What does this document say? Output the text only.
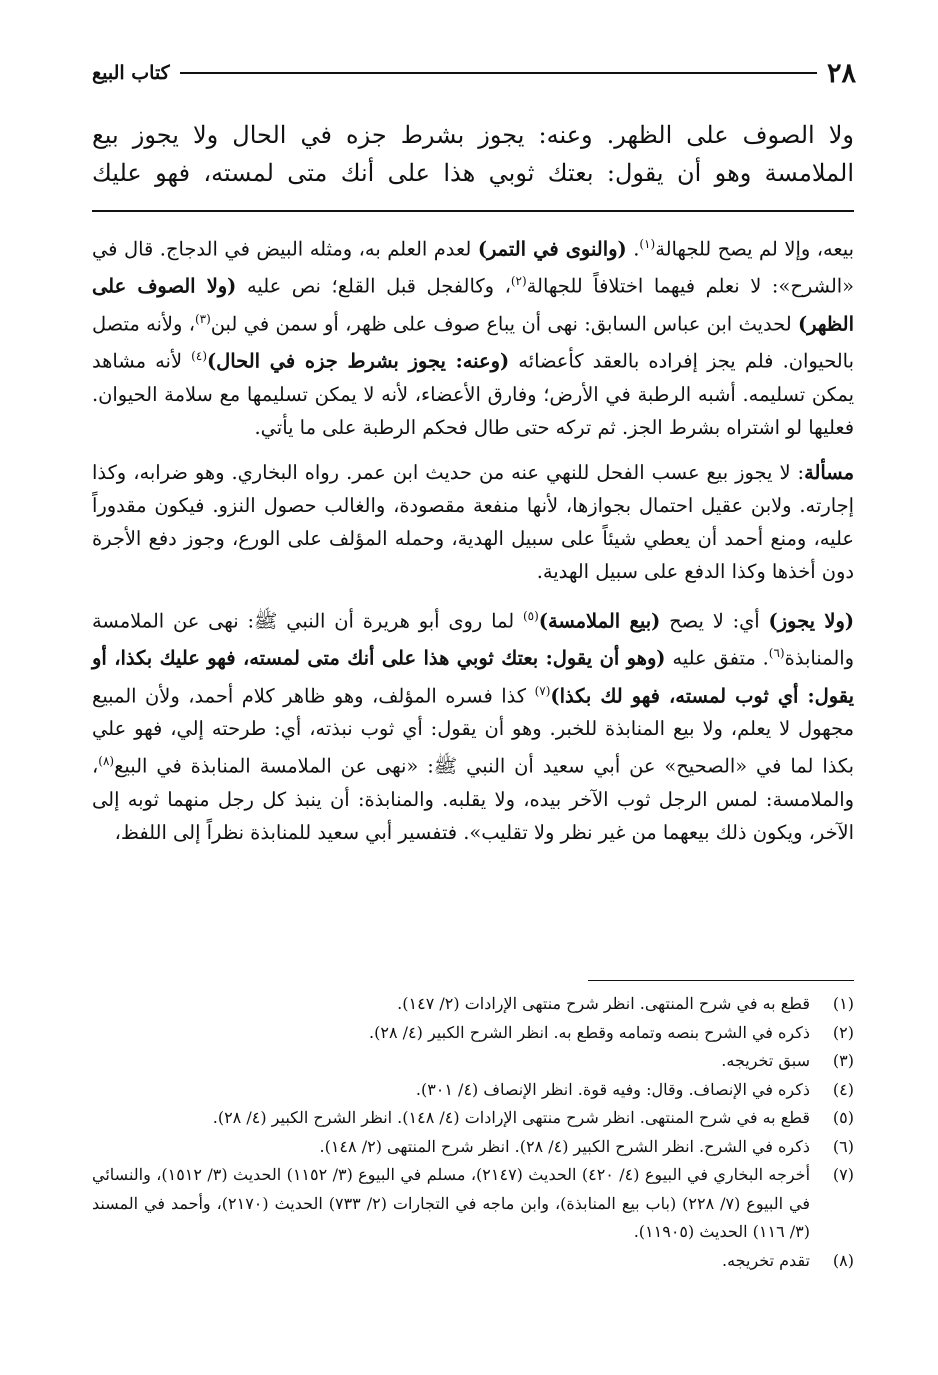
٢٨
كتاب البيع

ولا الصوف على الظهر. وعنه: يجوز بشرط جزه في الحال ولا يجوز بيع

الملامسة وهو أن يقول: بعتك ثوبي هذا على أنك متى لمسته، فهو عليك

بيعه، وإلا لم يصح للجهالة$^{(١)}$. (والنوى في التمر) لعدم العلم به، ومثله البيض في الدجاج. قال في «الشرح»: لا نعلم فيهما اختلافاً للجهالة$^{(٢)}$، وكالفجل قبل القلع؛ نص عليه (ولا الصوف على الظهر) لحديث ابن عباس السابق: نهى أن يباع صوف على ظهر، أو سمن في لبن$^{(٣)}$، ولأنه متصل بالحيوان. فلم يجز إفراده بالعقد كأعضائه (وعنه: يجوز بشرط جزه في الحال)$^{(٤)}$ لأنه مشاهد يمكن تسليمه. أشبه الرطبة في الأرض؛ وفارق الأعضاء، لأنه لا يمكن تسليمها مع سلامة الحيوان. فعليها لو اشتراه بشرط الجز. ثم تركه حتى طال فحكم الرطبة على ما يأتي.

مسألة: لا يجوز بيع عسب الفحل للنهي عنه من حديث ابن عمر. رواه البخاري. وهو ضرابه، وكذا إجارته. ولابن عقيل احتمال بجوازها، لأنها منفعة مقصودة، والغالب حصول النزو. فيكون مقدوراً عليه، ومنع أحمد أن يعطي شيئاً على سبيل الهدية، وحمله المؤلف على الورع، وجوز دفع الأجرة دون أخذها وكذا الدفع على سبيل الهدية.

(ولا يجوز) أي: لا يصح (بيع الملامسة)$^{(٥)}$ لما روى أبو هريرة أن النبي ﷺ: نهى عن الملامسة والمنابذة$^{(٦)}$. متفق عليه (وهو أن يقول: بعتك ثوبي هذا على أنك متى لمسته، فهو عليك بكذا، أو يقول: أي ثوب لمسته، فهو لك بكذا)$^{(٧)}$ كذا فسره المؤلف، وهو ظاهر كلام أحمد، ولأن المبيع مجهول لا يعلم، ولا بيع المنابذة للخبر. وهو أن يقول: أي ثوب نبذته، أي: طرحته إلي، فهو علي بكذا لما في «الصحيح» عن أبي سعيد أن النبي ﷺ: «نهى عن الملامسة المنابذة في البيع$^{(٨)}$، والملامسة: لمس الرجل ثوب الآخر بيده، ولا يقلبه. والمنابذة: أن ينبذ كل رجل منهما ثوبه إلى الآخر، ويكون ذلك بيعهما من غير نظر ولا تقليب». فتفسير أبي سعيد للمنابذة نظراً إلى اللفظ،

(١)
قطع به في شرح المنتهى. انظر شرح منتهى الإرادات (٢/ ١٤٧).
(٢)
ذكره في الشرح بنصه وتمامه وقطع به. انظر الشرح الكبير (٤/ ٢٨).
(٣)
سبق تخريجه.
(٤)
ذكره في الإنصاف. وقال: وفيه قوة. انظر الإنصاف (٤/ ٣٠١).
(٥)
قطع به في شرح المنتهى. انظر شرح منتهى الإرادات (٤/ ١٤٨). انظر الشرح الكبير (٤/ ٢٨).
(٦)
ذكره في الشرح. انظر الشرح الكبير (٤/ ٢٨). انظر شرح المنتهى (٢/ ١٤٨).
(٧)
أخرجه البخاري في البيوع (٤/ ٤٢٠) الحديث (٢١٤٧)، مسلم في البيوع (٣/ ١١٥٢) الحديث (٣/ ١٥١٢)، والنسائي في البيوع (٧/ ٢٢٨) (باب بيع المنابذة)، وابن ماجه في التجارات (٢/ ٧٣٣) الحديث (٢١٧٠)، وأحمد في المسند (٣/ ١١٦) الحديث (١١٩٠٥).
(٨)
تقدم تخريجه.
